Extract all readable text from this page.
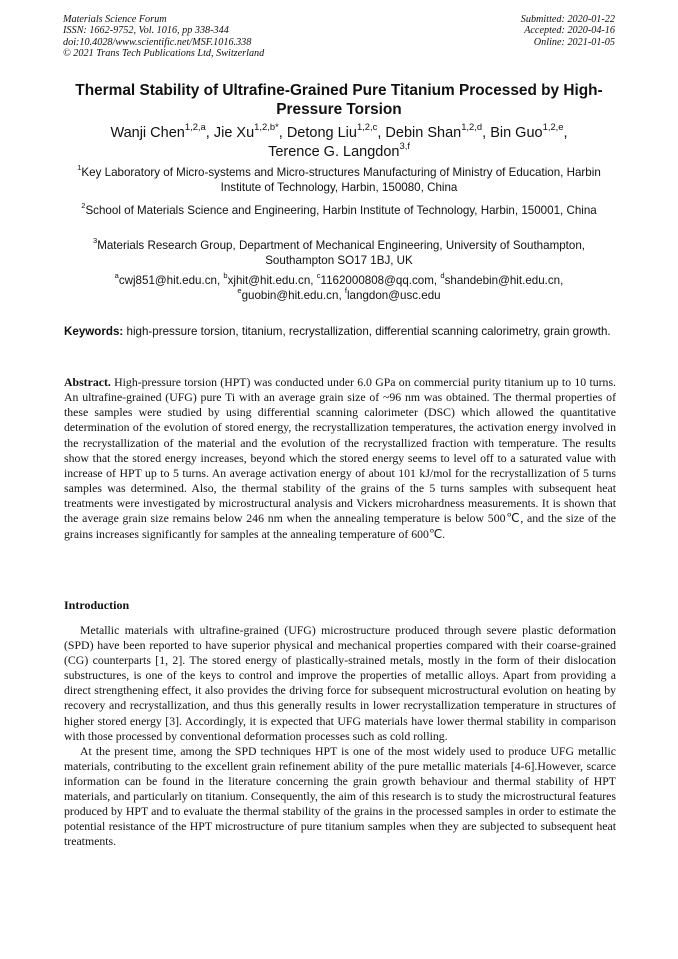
Materials Science Forum
ISSN: 1662-9752, Vol. 1016, pp 338-344
doi:10.4028/www.scientific.net/MSF.1016.338
© 2021 Trans Tech Publications Ltd, Switzerland
Submitted: 2020-01-22
Accepted: 2020-04-16
Online: 2021-01-05
Thermal Stability of Ultrafine-Grained Pure Titanium Processed by High-Pressure Torsion
Wanji Chen$^{1,2,a}$, Jie $Xu^{1,2,b*}$, Detong Liu$^{1,2,c}$, Debin Shan$^{1,2,d}$, Bin Guo$^{1,2,e}$,
Terence G. Langdon$^{3,f}$
$^1$Key Laboratory of Micro-systems and Micro-structures Manufacturing of Ministry of Education, Harbin Institute of Technology, Harbin, 150080, China
$^2$School of Materials Science and Engineering, Harbin Institute of Technology, Harbin, 150001, China
$^3$Materials Research Group, Department of Mechanical Engineering, University of Southampton, Southampton SO17 1BJ, UK
$^a$cwj851@hit.edu.cn, $^b$xjhit@hit.edu.cn, $^c$1162000808@qq.com, $^d$shandebin@hit.edu.cn,
$^e$guobin@hit.edu.cn, $^f$langdon@usc.edu
Keywords: high-pressure torsion, titanium, recrystallization, differential scanning calorimetry, grain growth.
Abstract. High-pressure torsion (HPT) was conducted under 6.0 GPa on commercial purity titanium up to 10 turns. An ultrafine-grained (UFG) pure Ti with an average grain size of ~96 nm was obtained. The thermal properties of these samples were studied by using differential scanning calorimeter (DSC) which allowed the quantitative determination of the evolution of stored energy, the recrystallization temperatures, the activation energy involved in the recrystallization of the material and the evolution of the recrystallized fraction with temperature. The results show that the stored energy increases, beyond which the stored energy seems to level off to a saturated value with increase of HPT up to 5 turns. An average activation energy of about 101 kJ/mol for the recrystallization of 5 turns samples was determined. Also, the thermal stability of the grains of the 5 turns samples with subsequent heat treatments were investigated by microstructural analysis and Vickers microhardness measurements. It is shown that the average grain size remains below 246 nm when the annealing temperature is below 500℃, and the size of the grains increases significantly for samples at the annealing temperature of 600℃.
Introduction

Metallic materials with ultrafine-grained (UFG) microstructure produced through severe plastic deformation (SPD) have been reported to have superior physical and mechanical properties compared with their coarse-grained (CG) counterparts [1, 2]. The stored energy of plastically-strained metals, mostly in the form of their dislocation substructures, is one of the keys to control and improve the properties of metallic alloys. Apart from providing a direct strengthening effect, it also provides the driving force for subsequent microstructural evolution on heating by recovery and recrystallization, and thus this generally results in lower recrystallization temperature in structures of higher stored energy [3]. Accordingly, it is expected that UFG materials have lower thermal stability in comparison with those processed by conventional deformation processes such as cold rolling.

At the present time, among the SPD techniques HPT is one of the most widely used to produce UFG metallic materials, contributing to the excellent grain refinement ability of the pure metallic materials [4-6].However, scarce information can be found in the literature concerning the grain growth behaviour and thermal stability of HPT materials, and particularly on titanium. Consequently, the aim of this research is to study the microstructural features produced by HPT and to evaluate the thermal stability of the grains in the processed samples in order to estimate the potential resistance of the HPT microstructure of pure titanium samples when they are subjected to subsequent heat treatments.
